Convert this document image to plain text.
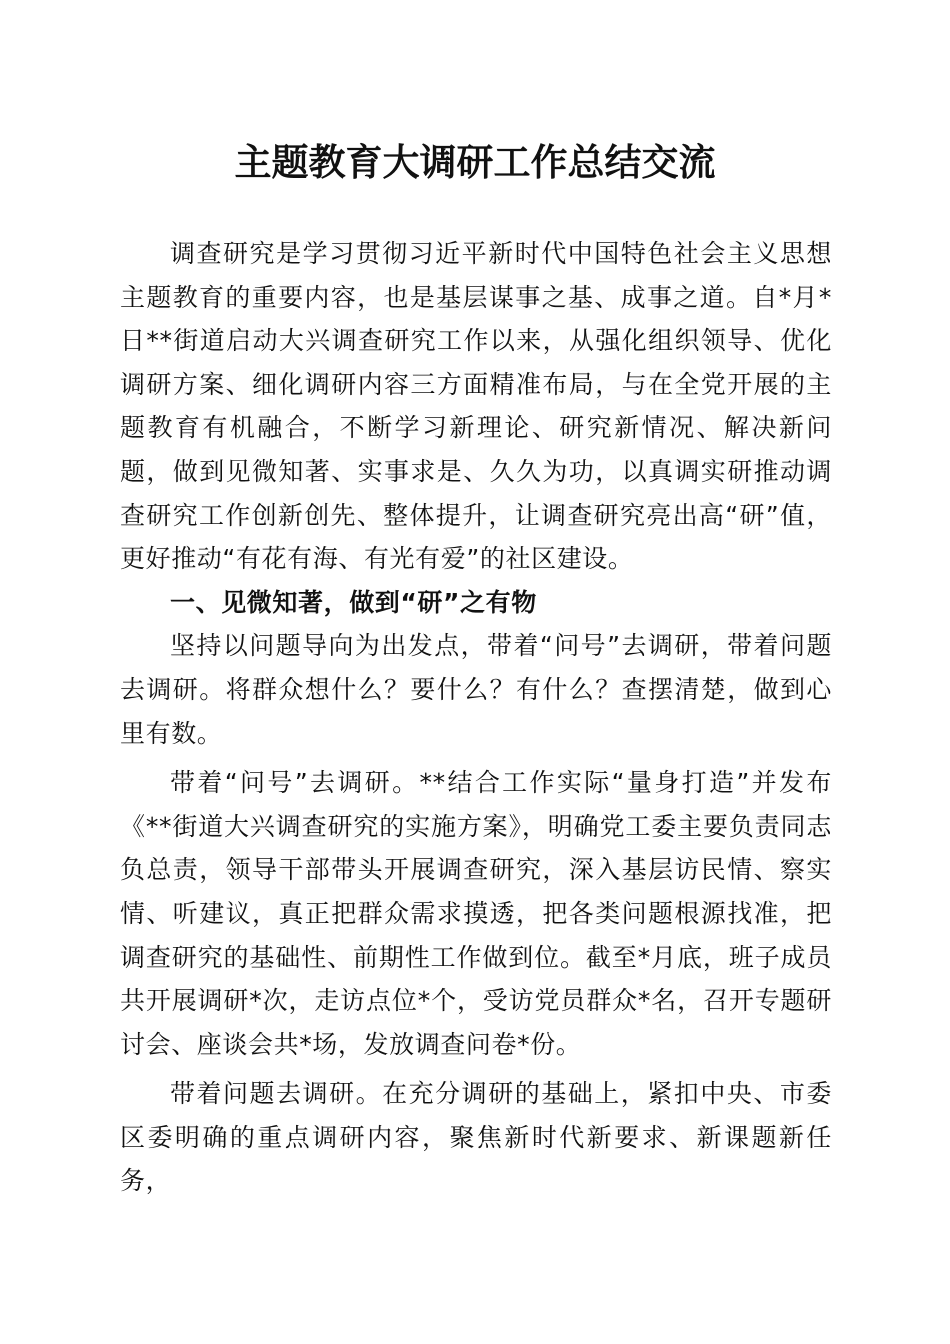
主题教育大调研工作总结交流

调查研究是学习贯彻习近平新时代中国特色社会主义思想主题教育的重要内容，也是基层谋事之基、成事之道。自*月*日**街道启动大兴调查研究工作以来，从强化组织领导、优化调研方案、细化调研内容三方面精准布局，与在全党开展的主题教育有机融合，不断学习新理论、研究新情况、解决新问题，做到见微知著、实事求是、久久为功，以真调实研推动调查研究工作创新创先、整体提升，让调查研究亮出高“研”值，更好推动“有花有海、有光有爱”的社区建设。

一、见微知著，做到“研”之有物

坚持以问题导向为出发点，带着“问号”去调研，带着问题去调研。将群众想什么？要什么？有什么？查摆清楚，做到心里有数。

带着“问号”去调研。**结合工作实际“量身打造”并发布《**街道大兴调查研究的实施方案》，明确党工委主要负责同志负总责，领导干部带头开展调查研究，深入基层访民情、察实情、听建议，真正把群众需求摸透，把各类问题根源找准，把调查研究的基础性、前期性工作做到位。截至*月底，班子成员共开展调研*次，走访点位*个，受访党员群众*名，召开专题研讨会、座谈会共*场，发放调查问卷*份。

带着问题去调研。在充分调研的基础上，紧扣中央、市委区委明确的重点调研内容，聚焦新时代新要求、新课题新任务，
